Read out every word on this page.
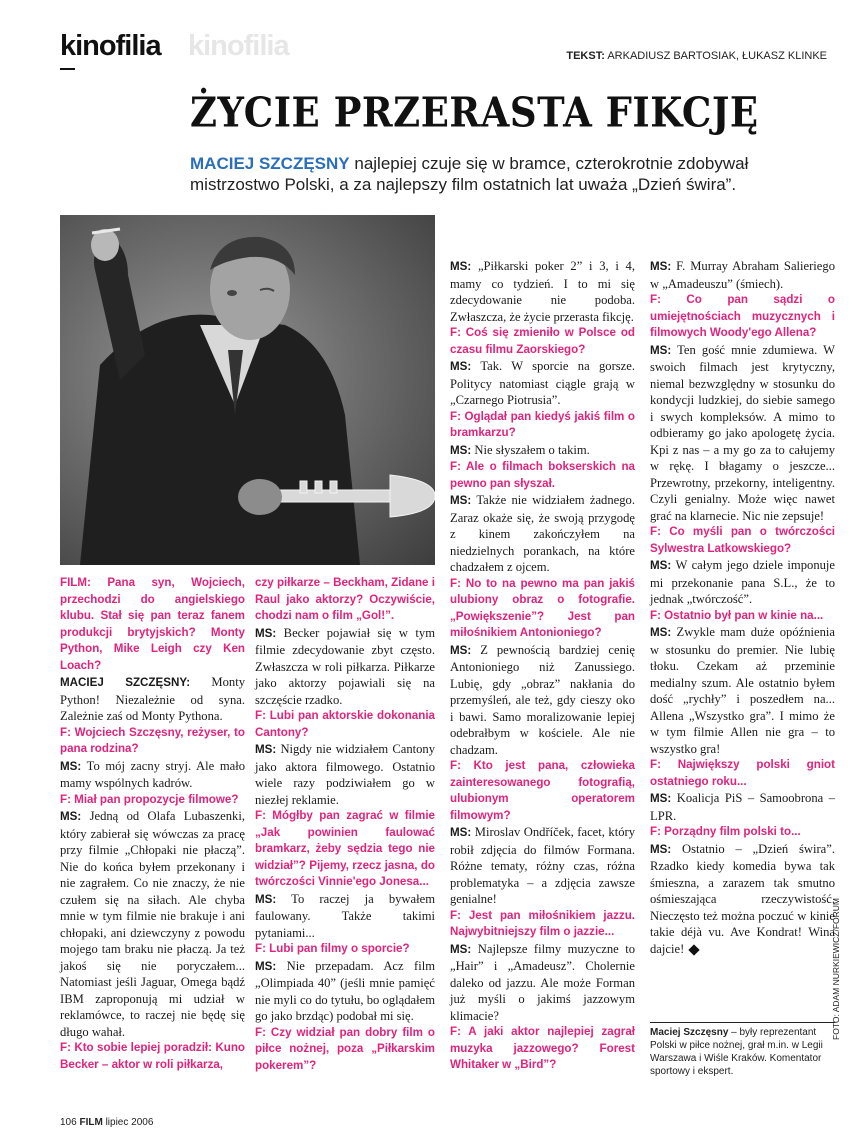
kinofilia kinofilia	TEKST: ARKADIUSZ BARTOSIAK, ŁUKASZ KLINKE
ŻYCIE PRZERASTA FIKCJĘ
MACIEJ SZCZĘSNY najlepiej czuje się w bramce, czterokrotnie zdobywał mistrzostwo Polski, a za najlepszy film ostatnich lat uważa „Dzień świra”.

FILM: Pana syn, Wojciech, przechodzi do angielskiego klubu. Stał się pan teraz fanem produkcji brytyjskich? Monty Python, Mike Leigh czy Ken Loach?

MACIEJ SZCZĘSNY: Monty Python! Niezależnie od syna. Zależnie zaś od Monty Pythona.

F: Wojciech Szczęsny, reżyser, to pana rodzina?

MS: To mój zacny stryj. Ale mało mamy wspólnych kadrów.

F: Miał pan propozycje filmowe?

MS: Jedną od Olafa Lubaszenki, który zabierał się wówczas za pracę przy filmie „Chłopaki nie płaczą”. Nie do końca byłem przekonany i nie zagrałem. Co nie znaczy, że nie czułem się na siłach. Ale chyba mnie w tym filmie nie brakuje i ani chłopaki, ani dziewczyny z powodu mojego tam braku nie płaczą. Ja też jakoś się nie poryczałem... Natomiast jeśli Jaguar, Omega bądź IBM zaproponują mi udział w reklamówce, to raczej nie będę się długo wahał.

F: Kto sobie lepiej poradził: Kuno Becker – aktor w roli piłkarza,

czy piłkarze – Beckham, Zidane i Raul jako aktorzy? Oczywiście, chodzi nam o film „Gol!”.

MS: Becker pojawiał się w tym filmie zdecydowanie zbyt często. Zwłaszcza w roli piłkarza. Piłkarze jako aktorzy pojawiali się na szczęście rzadko.

F: Lubi pan aktorskie dokonania Cantony?

MS: Nigdy nie widziałem Cantony jako aktora filmowego. Ostatnio wiele razy podziwiałem go w niezłej reklamie.

F: Mógłby pan zagrać w filmie „Jak powinien faulować bramkarz, żeby sędzia tego nie widział”? Pijemy, rzecz jasna, do twórczości Vinnie'ego Jonesa...

MS: To raczej ja bywałem faulowany. Także takimi pytaniami...

F: Lubi pan filmy o sporcie?

MS: Nie przepadam. Acz film „Olimpiada 40” (jeśli mnie pamięć nie myli co do tytułu, bo oglądałem go jako brzdąc) podobał mi się.

F: Czy widział pan dobry film o piłce nożnej, poza „Piłkarskim pokerem”?

MS: „Piłkarski poker 2” i 3, i 4, mamy co tydzień. I to mi się zdecydowanie nie podoba. Zwłaszcza, że życie przerasta fikcję.

F: Coś się zmieniło w Polsce od czasu filmu Zaorskiego?

MS: Tak. W sporcie na gorsze. Politycy natomiast ciągle grają w „Czarnego Piotrusia”.

F: Oglądał pan kiedyś jakiś film o bramkarzu?

MS: Nie słyszałem o takim.

F: Ale o filmach bokserskich na pewno pan słyszał.

MS: Także nie widziałem żadnego. Zaraz okaże się, że swoją przygodę z kinem zakończyłem na niedzielnych porankach, na które chadzałem z ojcem.

F: No to na pewno ma pan jakiś ulubiony obraz o fotografie. „Powiększenie”? Jest pan miłośnikiem Antonioniego?

MS: Z pewnością bardziej cenię Antonioniego niż Zanussiego. Lubię, gdy „obraz” nakłania do przemyśleń, ale też, gdy cieszy oko i bawi. Samo moralizowanie lepiej odebrałbym w kościele. Ale nie chadzam.

F: Kto jest pana, człowieka zainteresowanego fotografią, ulubionym operatorem filmowym?

MS: Miroslav Ondříček, facet, który robił zdjęcia do filmów Formana. Różne tematy, różny czas, różna problematyka – a zdjęcia zawsze genialne!

F: Jest pan miłośnikiem jazzu. Najwybitniejszy film o jazzie...

MS: Najlepsze filmy muzyczne to „Hair” i „Amadeusz”. Cholernie daleko od jazzu. Ale może Forman już myśli o jakimś jazzowym klimacie?

F: A jaki aktor najlepiej zagrał muzyka jazzowego? Forest Whitaker w „Bird”?

MS: F. Murray Abraham Salieriego w „Amadeuszu” (śmiech).

F: Co pan sądzi o umiejętnościach muzycznych i filmowych Woody'ego Allena?

MS: Ten gość mnie zdumiewa. W swoich filmach jest krytyczny, niemal bezwzględny w stosunku do kondycji ludzkiej, do siebie samego i swych kompleksów. A mimo to odbieramy go jako apologetę życia. Kpi z nas – a my go za to całujemy w rękę. I błagamy o jeszcze... Przewrotny, przekorny, inteligentny. Czyli genialny. Może więc nawet grać na klarnecie. Nic nie zepsuje!

F: Co myśli pan o twórczości Sylwestra Latkowskiego?

MS: W całym jego dziele imponuje mi przekonanie pana S.L., że to jednak „twórczość”.

F: Ostatnio był pan w kinie na...

MS: Zwykle mam duże opóźnienia w stosunku do premier. Nie lubię tłoku. Czekam aż przeminie medialny szum. Ale ostatnio byłem dość „rychły” i poszedłem na... Allena „Wszystko gra”. I mimo że w tym filmie Allen nie gra – to wszystko gra!

F: Największy polski gniot ostatniego roku...

MS: Koalicja PiS – Samoobrona – LPR.

F: Porządny film polski to...

MS: Ostatnio – „Dzień świra”. Rzadko kiedy komedia bywa tak śmieszna, a zarazem tak smutno ośmieszająca rzeczywistość. Nieczęsto też można poczuć w kinie takie déjà vu. Ave Kondrat! Wina dajcie!

Maciej Szczęsny – były reprezentant Polski w piłce nożnej, grał m.in. w Legii Warszawa i Wiśle Kraków. Komentator sportowy i ekspert.
FOTO: ADAM NURKIEWICZ/FORUM
106 FILM lipiec 2006
